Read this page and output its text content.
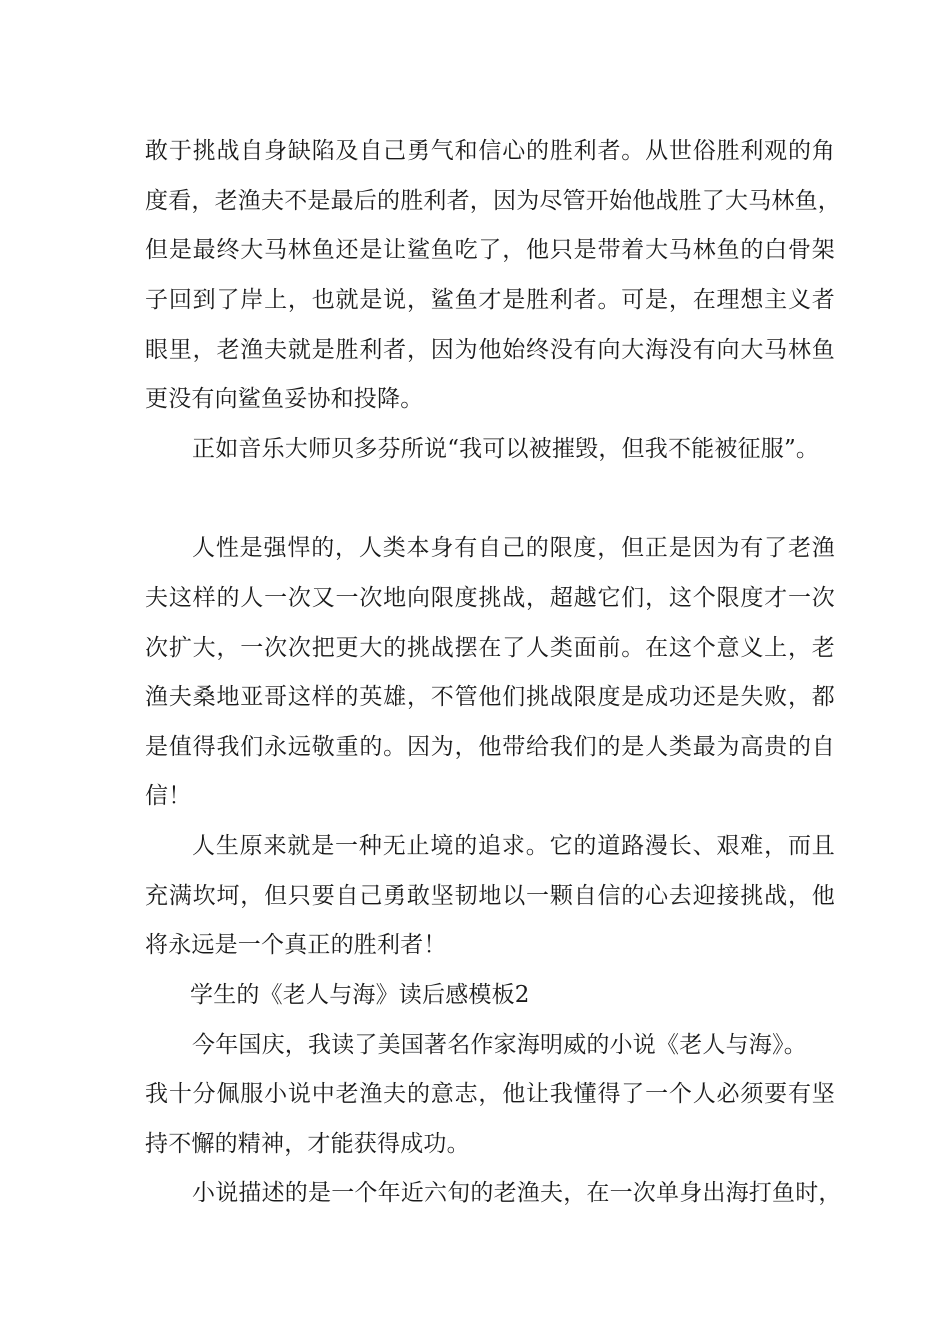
敢于挑战自身缺陷及自己勇气和信心的胜利者。从世俗胜利观的角
度看，老渔夫不是最后的胜利者，因为尽管开始他战胜了大马林鱼，
但是最终大马林鱼还是让鲨鱼吃了，他只是带着大马林鱼的白骨架
子回到了岸上，也就是说，鲨鱼才是胜利者。可是，在理想主义者
眼里，老渔夫就是胜利者，因为他始终没有向大海没有向大马林鱼
更没有向鲨鱼妥协和投降。
正如音乐大师贝多芬所说“我可以被摧毁，但我不能被征服”。
人性是强悍的，人类本身有自己的限度，但正是因为有了老渔
夫这样的人一次又一次地向限度挑战，超越它们，这个限度才一次
次扩大，一次次把更大的挑战摆在了人类面前。在这个意义上，老
渔夫桑地亚哥这样的英雄，不管他们挑战限度是成功还是失败，都
是值得我们永远敬重的。因为，他带给我们的是人类最为高贵的自
信！
人生原来就是一种无止境的追求。它的道路漫长、艰难，而且
充满坎坷，但只要自己勇敢坚韧地以一颗自信的心去迎接挑战，他
将永远是一个真正的胜利者！
学生的《老人与海》读后感模板2
今年国庆，我读了美国著名作家海明威的小说《老人与海》。
我十分佩服小说中老渔夫的意志，他让我懂得了一个人必须要有坚
持不懈的精神，才能获得成功。
小说描述的是一个年近六旬的老渔夫，在一次单身出海打鱼时，
